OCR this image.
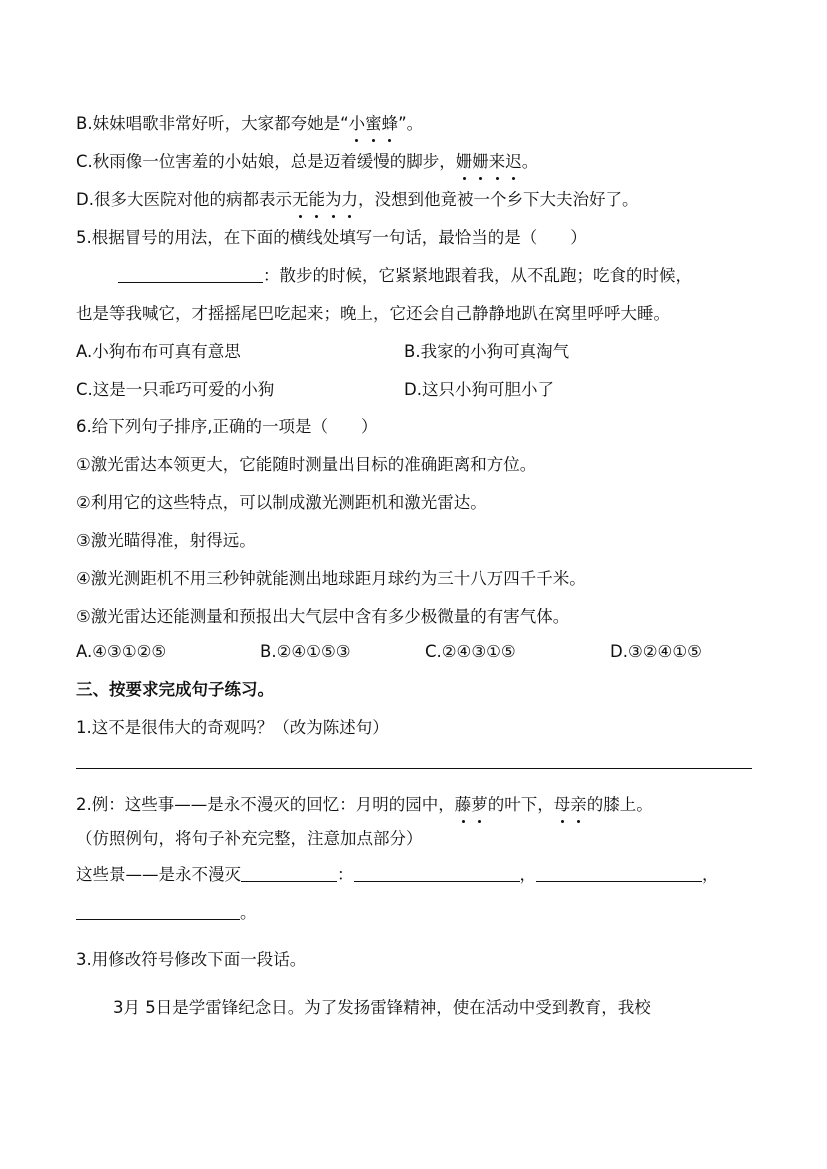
B.妹妹唱歌非常好听，大家都夸她是“小蜜蜂”。
C.秋雨像一位害羞的小姑娘，总是迈着缓慢的脚步，姗姗来迟。
D.很多大医院对他的病都表示无能为力，没想到他竟被一个乡下大夫治好了。
5.根据冒号的用法，在下面的横线处填写一句话，最恰当的是（　　）
：散步的时候，它紧紧地跟着我，从不乱跑；吃食的时候，
也是等我喊它，才摇摇尾巴吃起来；晚上，它还会自己静静地趴在窝里呼呼大睡。
A.小狗布布可真有意思	B.我家的小狗可真淘气
C.这是一只乖巧可爱的小狗	D.这只小狗可胆小了
6.给下列句子排序,正确的一项是（　　）
①激光雷达本领更大，它能随时测量出目标的准确距离和方位。
②利用它的这些特点，可以制成激光测距机和激光雷达。
③激光瞄得准，射得远。
④激光测距机不用三秒钟就能测出地球距月球约为三十八万四千千米。
⑤激光雷达还能测量和预报出大气层中含有多少极微量的有害气体。
A.④③①②⑤	B.②④①⑤③	C.②④③①⑤	D.③②④①⑤
三、按要求完成句子练习。
1.这不是很伟大的奇观吗？（改为陈述句）
2.例：这些事——是永不漫灭的回忆：月明的园中，藤萝的叶下，母亲的膝上。
（仿照例句，将句子补充完整，注意加点部分）
这些景——是永不漫灭	：	，	，
。
3.用修改符号修改下面一段话。
3月 5日是学雷锋纪念日。为了发扬雷锋精神，使在活动中受到教育，我校
